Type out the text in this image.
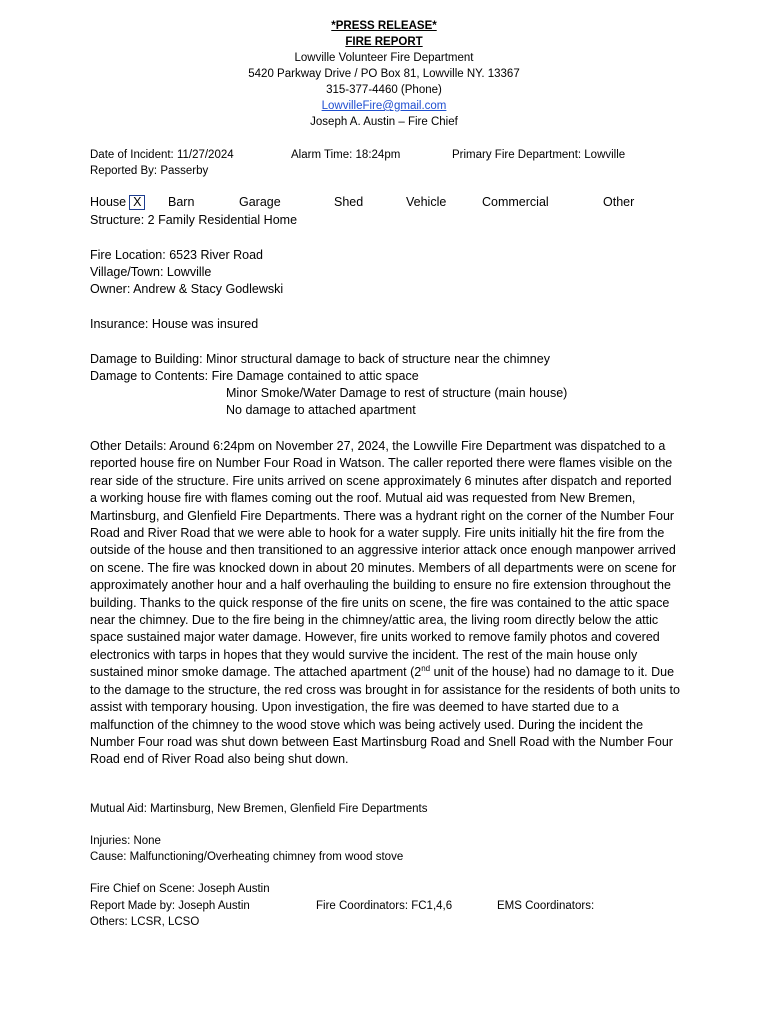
*PRESS RELEASE*
FIRE REPORT
Lowville Volunteer Fire Department
5420 Parkway Drive / PO Box 81, Lowville NY. 13367
315-377-4460 (Phone)
LowvilleFire@gmail.com
Joseph A. Austin – Fire Chief
Date of Incident: 11/27/2024	Alarm Time: 18:24pm	Primary Fire Department: Lowville
Reported By: Passerby
House X	Barn	Garage	Shed	Vehicle	Commercial	Other
Structure: 2 Family Residential Home
Fire Location: 6523 River Road
Village/Town: Lowville
Owner: Andrew & Stacy Godlewski
Insurance: House was insured
Damage to Building: Minor structural damage to back of structure near the chimney
Damage to Contents: Fire Damage contained to attic space
Minor Smoke/Water Damage to rest of structure (main house)
No damage to attached apartment
Other Details: Around 6:24pm on November 27, 2024, the Lowville Fire Department was dispatched to a reported house fire on Number Four Road in Watson. The caller reported there were flames visible on the rear side of the structure. Fire units arrived on scene approximately 6 minutes after dispatch and reported a working house fire with flames coming out the roof. Mutual aid was requested from New Bremen, Martinsburg, and Glenfield Fire Departments. There was a hydrant right on the corner of the Number Four Road and River Road that we were able to hook for a water supply. Fire units initially hit the fire from the outside of the house and then transitioned to an aggressive interior attack once enough manpower arrived on scene. The fire was knocked down in about 20 minutes. Members of all departments were on scene for approximately another hour and a half overhauling the building to ensure no fire extension throughout the building. Thanks to the quick response of the fire units on scene, the fire was contained to the attic space near the chimney. Due to the fire being in the chimney/attic area, the living room directly below the attic space sustained major water damage. However, fire units worked to remove family photos and covered electronics with tarps in hopes that they would survive the incident. The rest of the main house only sustained minor smoke damage. The attached apartment (2nd unit of the house) had no damage to it. Due to the damage to the structure, the red cross was brought in for assistance for the residents of both units to assist with temporary housing. Upon investigation, the fire was deemed to have started due to a malfunction of the chimney to the wood stove which was being actively used. During the incident the Number Four road was shut down between East Martinsburg Road and Snell Road with the Number Four Road end of River Road also being shut down.
Mutual Aid: Martinsburg, New Bremen, Glenfield Fire Departments
Injuries: None
Cause: Malfunctioning/Overheating chimney from wood stove
Fire Chief on Scene: Joseph Austin
Report Made by: Joseph Austin	Fire Coordinators: FC1,4,6	EMS Coordinators:
Others: LCSR, LCSO
